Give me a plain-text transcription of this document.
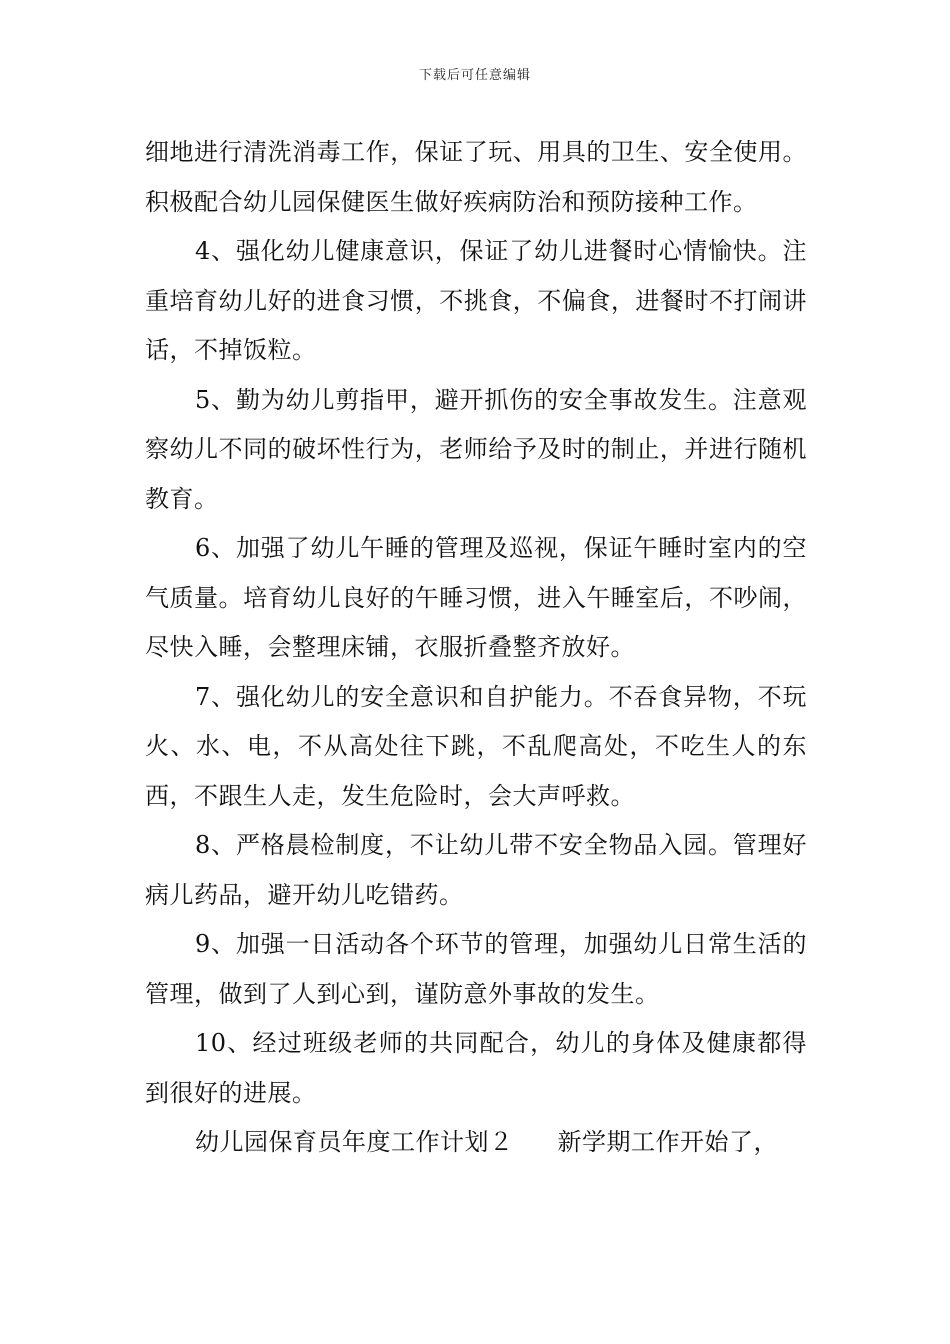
下载后可任意编辑

细地进行清洗消毒工作，保证了玩、用具的卫生、安全使用。积极配合幼儿园保健医生做好疾病防治和预防接种工作。

4、强化幼儿健康意识，保证了幼儿进餐时心情愉快。注重培育幼儿好的进食习惯，不挑食，不偏食，进餐时不打闹讲话，不掉饭粒。

5、勤为幼儿剪指甲，避开抓伤的安全事故发生。注意观察幼儿不同的破坏性行为，老师给予及时的制止，并进行随机教育。

6、加强了幼儿午睡的管理及巡视，保证午睡时室内的空气质量。培育幼儿良好的午睡习惯，进入午睡室后，不吵闹，尽快入睡，会整理床铺，衣服折叠整齐放好。

7、强化幼儿的安全意识和自护能力。不吞食异物，不玩火、水、电，不从高处往下跳，不乱爬高处，不吃生人的东西，不跟生人走，发生危险时，会大声呼救。

8、严格晨检制度，不让幼儿带不安全物品入园。管理好病儿药品，避开幼儿吃错药。

9、加强一日活动各个环节的管理，加强幼儿日常生活的管理，做到了人到心到，谨防意外事故的发生。

10、经过班级老师的共同配合，幼儿的身体及健康都得到很好的进展。

幼儿园保育员年度工作计划２ 新学期工作开始了，
